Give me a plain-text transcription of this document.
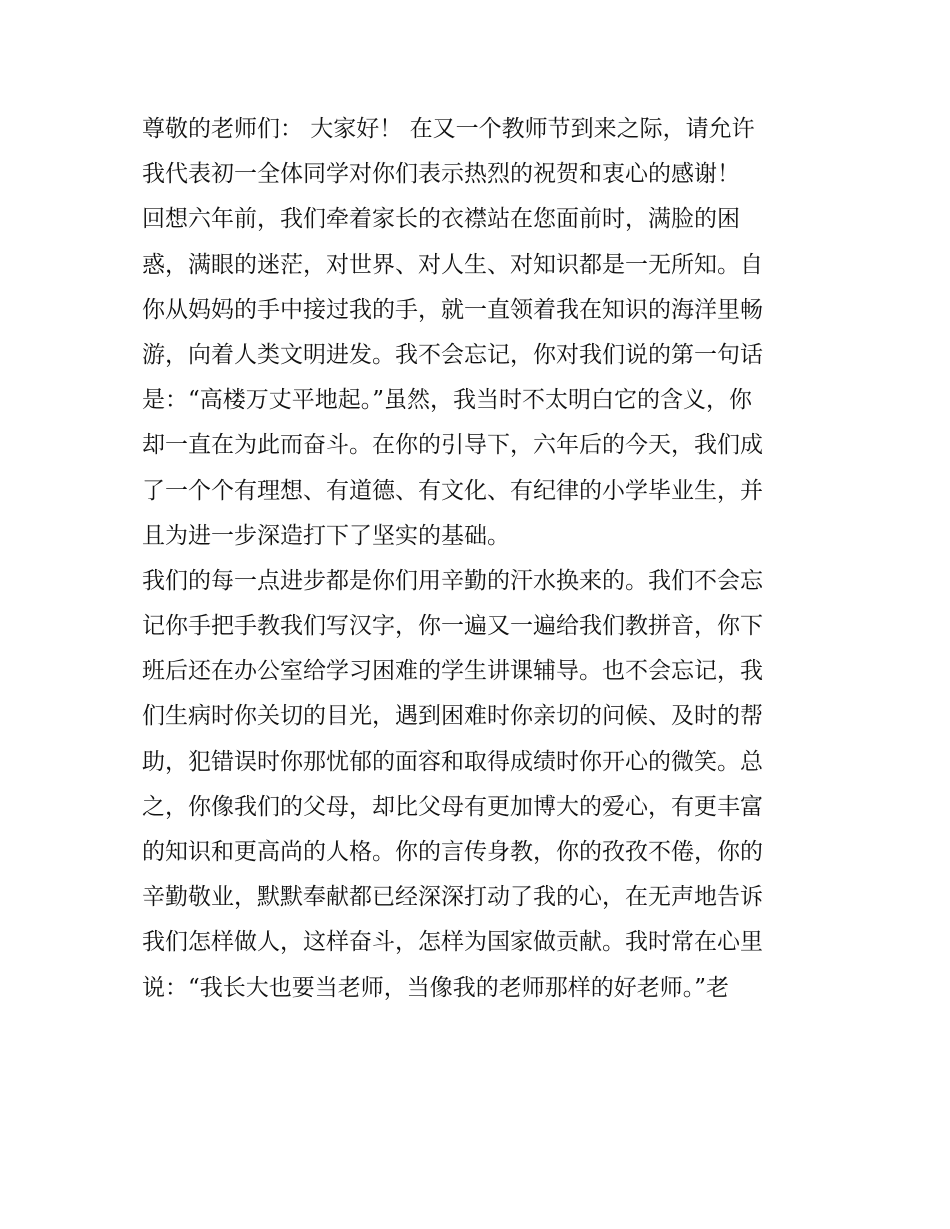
尊敬的老师们： 大家好！ 在又一个教师节到来之际，请允许
我代表初一全体同学对你们表示热烈的祝贺和衷心的感谢！
回想六年前，我们牵着家长的衣襟站在您面前时，满脸的困
惑，满眼的迷茫，对世界、对人生、对知识都是一无所知。自
你从妈妈的手中接过我的手，就一直领着我在知识的海洋里畅
游，向着人类文明进发。我不会忘记，你对我们说的第一句话
是：“高楼万丈平地起。”虽然，我当时不太明白它的含义，你
却一直在为此而奋斗。在你的引导下，六年后的今天，我们成
了一个个有理想、有道德、有文化、有纪律的小学毕业生，并
且为进一步深造打下了坚实的基础。
我们的每一点进步都是你们用辛勤的汗水换来的。我们不会忘
记你手把手教我们写汉字，你一遍又一遍给我们教拼音，你下
班后还在办公室给学习困难的学生讲课辅导。也不会忘记，我
们生病时你关切的目光，遇到困难时你亲切的问候、及时的帮
助，犯错误时你那忧郁的面容和取得成绩时你开心的微笑。总
之，你像我们的父母，却比父母有更加博大的爱心，有更丰富
的知识和更高尚的人格。你的言传身教，你的孜孜不倦，你的
辛勤敬业，默默奉献都已经深深打动了我的心，在无声地告诉
我们怎样做人，这样奋斗，怎样为国家做贡献。我时常在心里
说：“我长大也要当老师，当像我的老师那样的好老师。”老
